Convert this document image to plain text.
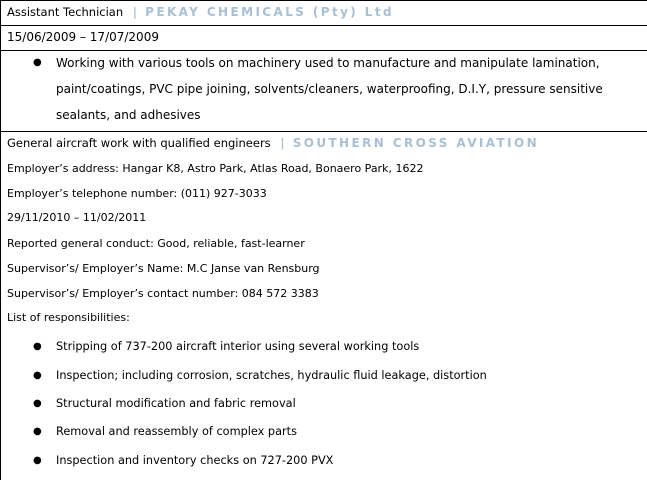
Assistant Technician | PEKAY CHEMICALS (Pty) Ltd
15/06/2009 – 17/07/2009
● Working with various tools on machinery used to manufacture and manipulate lamination,
paint/coatings, PVC pipe joining, solvents/cleaners, waterproofing, D.I.Y, pressure sensitive
sealants, and adhesives
General aircraft work with qualified engineers | SOUTHERN CROSS AVIATION
Employer’s address: Hangar K8, Astro Park, Atlas Road, Bonaero Park, 1622
Employer’s telephone number: (011) 927-3033
29/11/2010 – 11/02/2011
Reported general conduct: Good, reliable, fast-learner
Supervisor’s/ Employer’s Name: M.C Janse van Rensburg
Supervisor’s/ Employer’s contact number: 084 572 3383
List of responsibilities:
● Stripping of 737-200 aircraft interior using several working tools
● Inspection; including corrosion, scratches, hydraulic fluid leakage, distortion
● Structural modification and fabric removal
● Removal and reassembly of complex parts
● Inspection and inventory checks on 727-200 PVX
